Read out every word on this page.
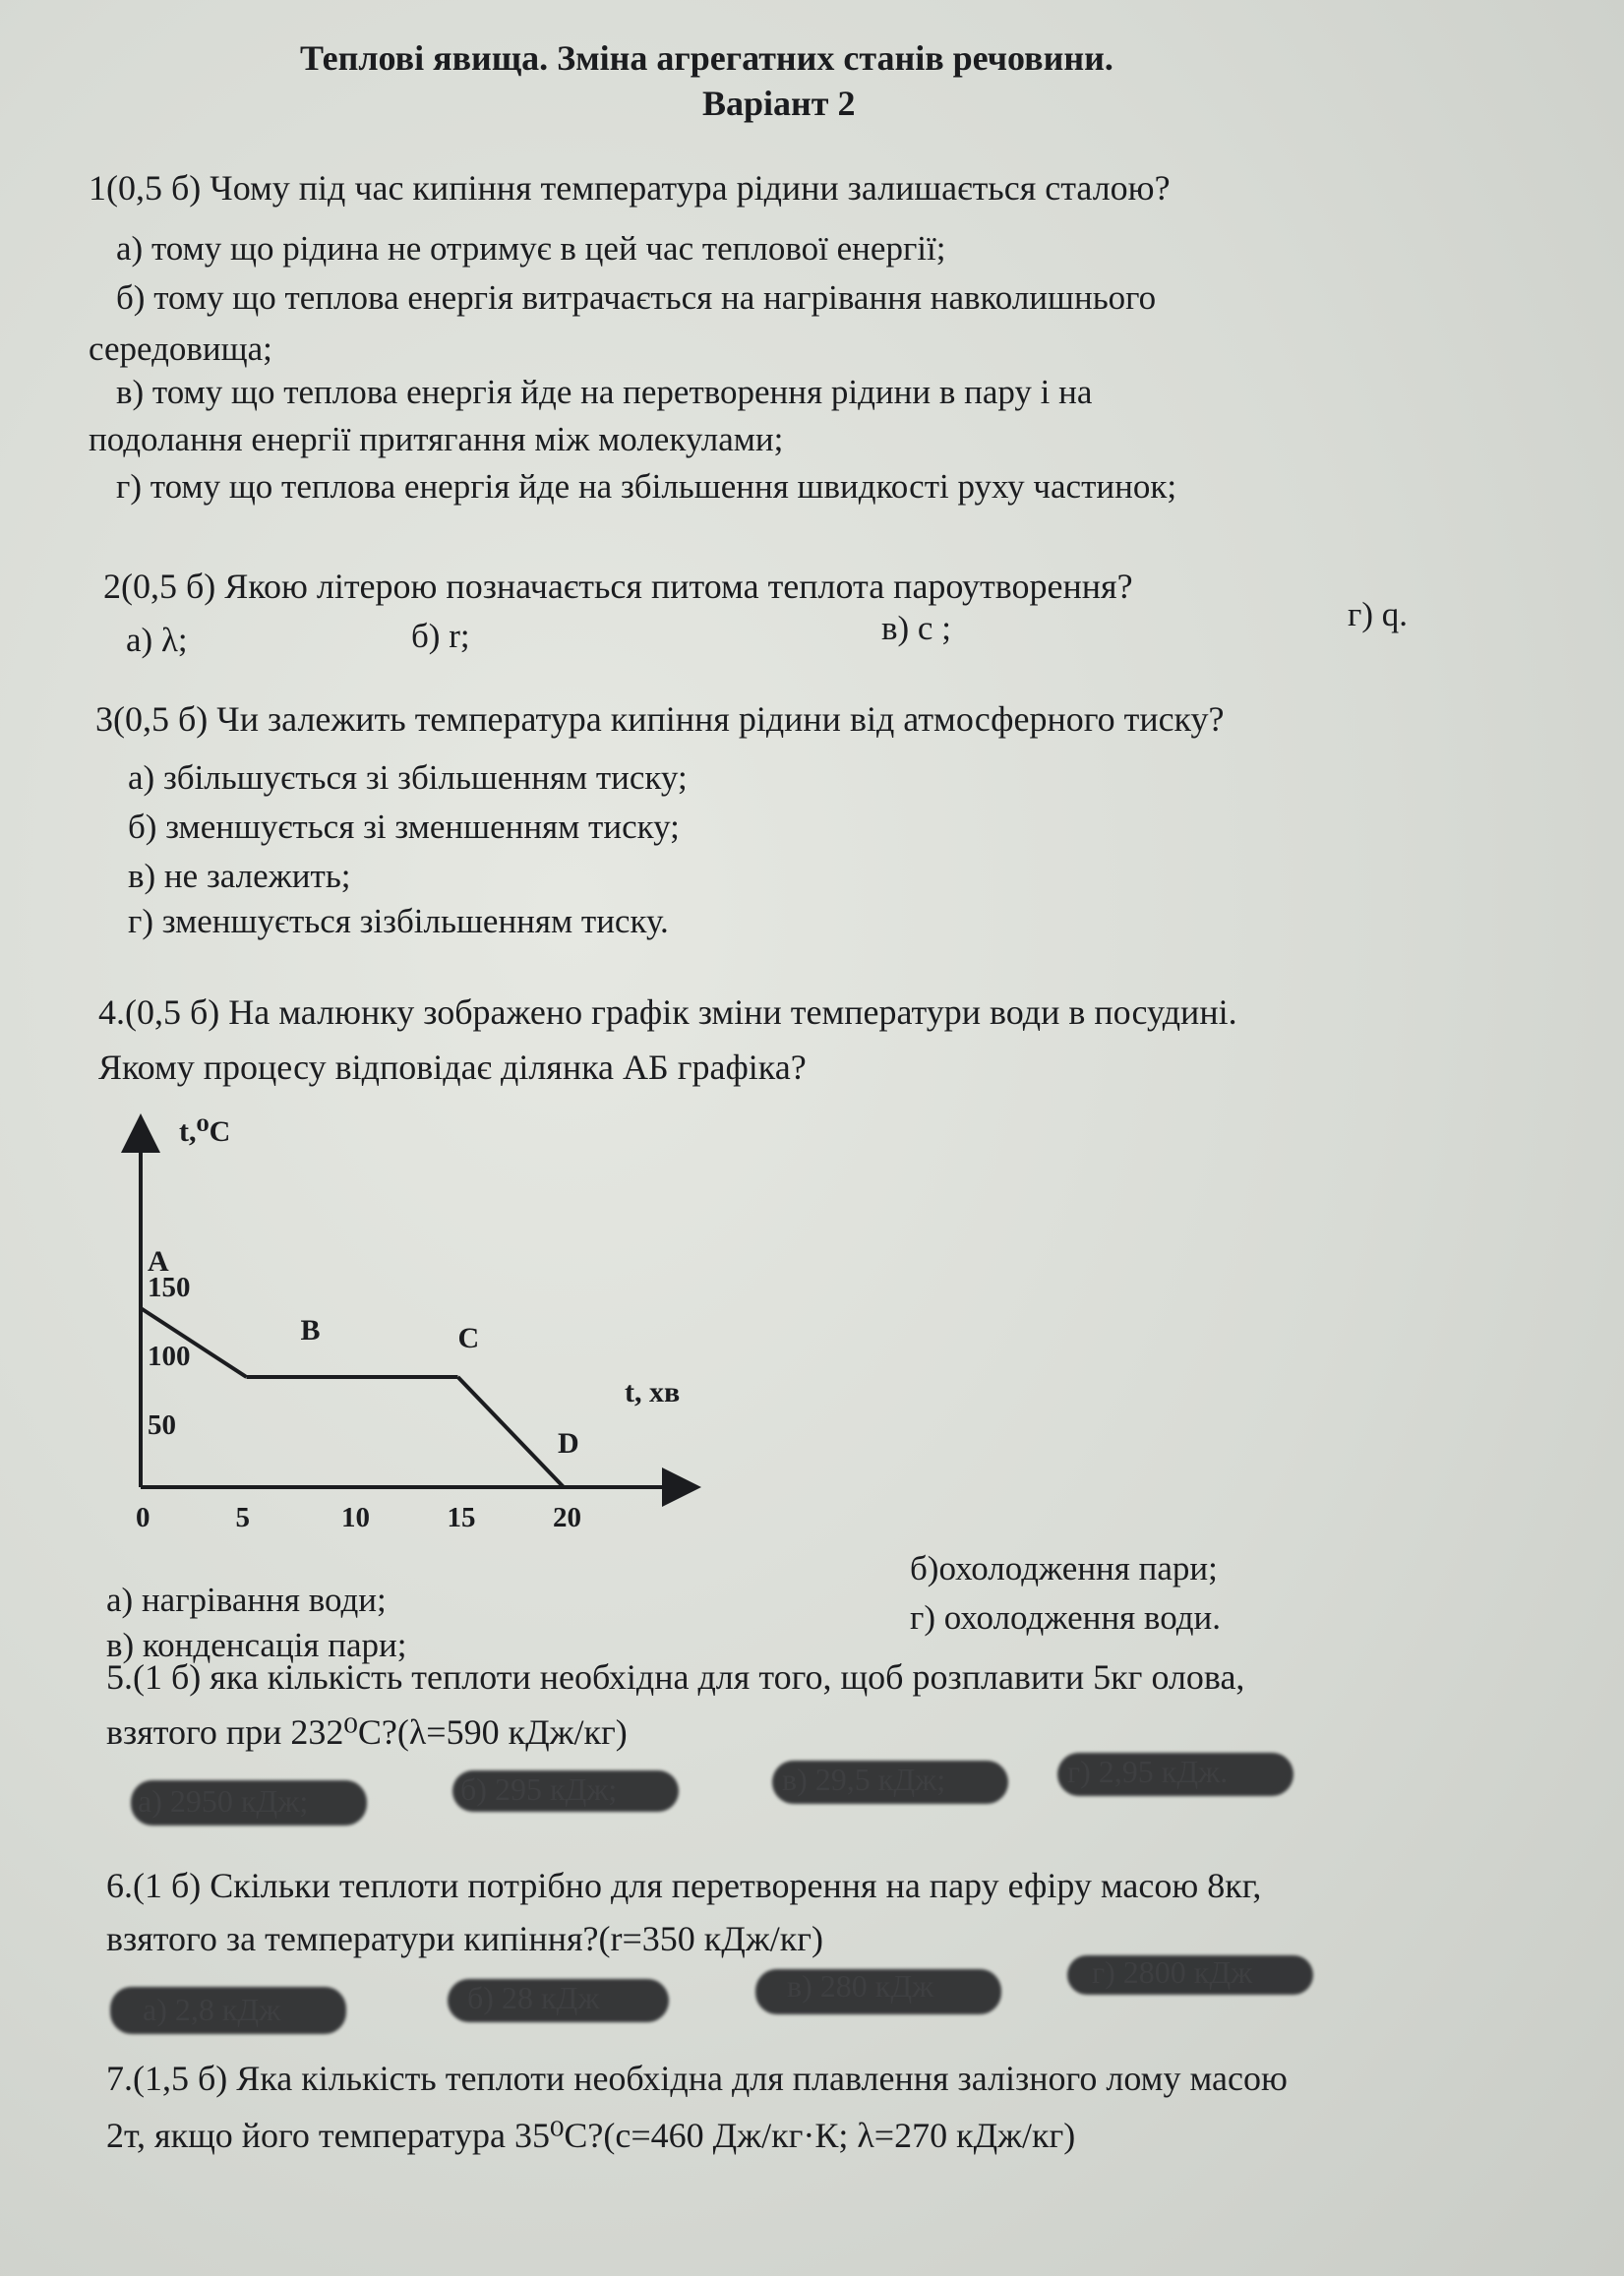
Теплові явища. Зміна агрегатних станів речовини.
Варіант 2
1(0,5 б) Чому під час кипіння температура рідини залишається сталою?
а) тому що рідина не отримує в цей час теплової енергії;
б) тому що теплова енергія витрачається на нагрівання навколишнього
середовища;
в) тому що теплова енергія йде на перетворення рідини в пару і на
подолання енергії притягання між молекулами;
г) тому що теплова енергія йде на збільшення швидкості руху частинок;
2(0,5 б) Якою літерою позначається питома теплота пароутворення?
а) λ;	б) r;	в) с ;	г) q.
3(0,5 б) Чи залежить температура кипіння рідини від атмосферного тиску?
а) збільшується зі збільшенням тиску;
б) зменшується зі зменшенням тиску;
в) не залежить;
г) зменшується зізбільшенням тиску.
4.(0,5 б) На малюнку зображено графік зміни температури води в посудині.
Якому процесу відповідає ділянка АБ графіка?
t,⁰C
t, хв
A
B	C
D
0	5	10	15	20
50
100
150
а) нагрівання води;
б)охолодження пари;
в) конденсація пари;
г) охолодження води.
5.(1 б) яка кількість теплоти необхідна для того, щоб розплавити 5кг олова,
взятого при 232⁰С?(λ=590 кДж/кг)
а) 2950 кДж;	б) 295 кДж;	в) 29,5 кДж;	г) 2,95 кДж.
6.(1 б) Скільки теплоти потрібно для перетворення на пару ефіру масою 8кг,
взятого за температури кипіння?(r=350 кДж/кг)
а) 2,8 кДж	б) 28 кДж	в) 280 кДж	г) 2800 кДж
7.(1,5 б) Яка кількість теплоти необхідна для плавлення залізного лому масою
2т, якщо його температура 35⁰С?(с=460 Дж/кг·К; λ=270 кДж/кг)
